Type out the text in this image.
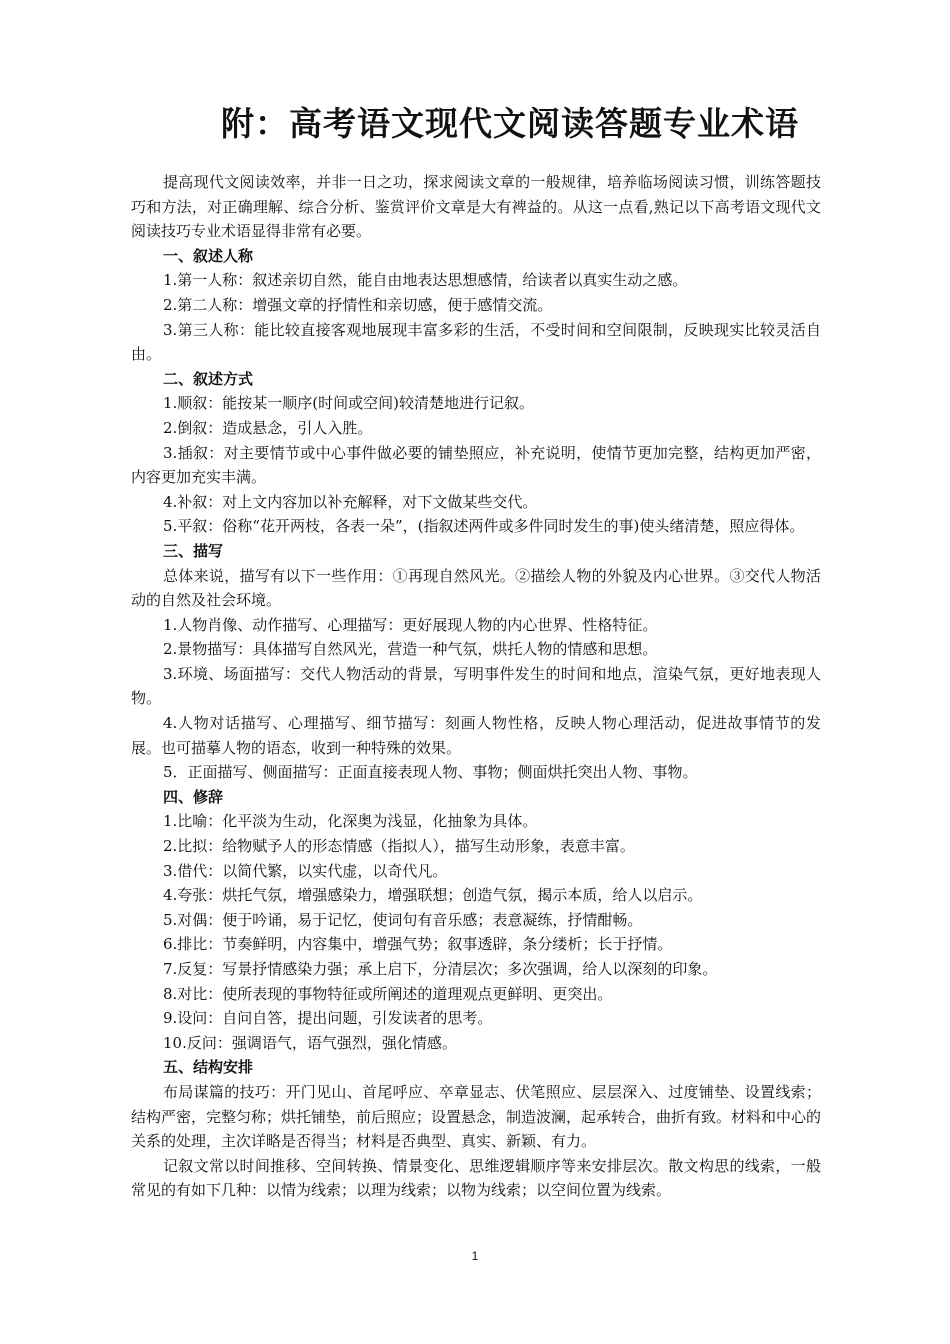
附：高考语文现代文阅读答题专业术语

提高现代文阅读效率，并非一日之功，探求阅读文章的一般规律，培养临场阅读习惯，训练答题技巧和方法，对正确理解、综合分析、鉴赏评价文章是大有裨益的。从这一点看,熟记以下高考语文现代文阅读技巧专业术语显得非常有必要。

一、叙述人称

1.第一人称：叙述亲切自然，能自由地表达思想感情，给读者以真实生动之感。

2.第二人称：增强文章的抒情性和亲切感，便于感情交流。

3.第三人称：能比较直接客观地展现丰富多彩的生活，不受时间和空间限制，反映现实比较灵活自由。

二、叙述方式

1.顺叙：能按某一顺序(时间或空间)较清楚地进行记叙。

2.倒叙：造成悬念，引人入胜。

3.插叙：对主要情节或中心事件做必要的铺垫照应，补充说明，使情节更加完整，结构更加严密，内容更加充实丰满。

4.补叙：对上文内容加以补充解释，对下文做某些交代。

5.平叙：俗称“花开两枝，各表一朵”，(指叙述两件或多件同时发生的事)使头绪清楚，照应得体。

三、描写

总体来说，描写有以下一些作用：①再现自然风光。②描绘人物的外貌及内心世界。③交代人物活动的自然及社会环境。

1.人物肖像、动作描写、心理描写：更好展现人物的内心世界、性格特征。

2.景物描写：具体描写自然风光，营造一种气氛，烘托人物的情感和思想。

3.环境、场面描写：交代人物活动的背景，写明事件发生的时间和地点，渲染气氛，更好地表现人物。

4.人物对话描写、心理描写、细节描写：刻画人物性格，反映人物心理活动，促进故事情节的发展。也可描摹人物的语态，收到一种特殊的效果。

5．正面描写、侧面描写：正面直接表现人物、事物；侧面烘托突出人物、事物。

四、修辞

1.比喻：化平淡为生动，化深奥为浅显，化抽象为具体。

2.比拟：给物赋予人的形态情感（指拟人），描写生动形象，表意丰富。

3.借代：以简代繁，以实代虚，以奇代凡。

4.夸张：烘托气氛，增强感染力，增强联想；创造气氛，揭示本质，给人以启示。

5.对偶：便于吟诵，易于记忆，使词句有音乐感；表意凝练，抒情酣畅。

6.排比：节奏鲜明，内容集中，增强气势；叙事透辟，条分缕析；长于抒情。

7.反复：写景抒情感染力强；承上启下，分清层次；多次强调，给人以深刻的印象。

8.对比：使所表现的事物特征或所阐述的道理观点更鲜明、更突出。

9.设问：自问自答，提出问题，引发读者的思考。

10.反问：强调语气，语气强烈，强化情感。

五、结构安排

布局谋篇的技巧：开门见山、首尾呼应、卒章显志、伏笔照应、层层深入、过度铺垫、设置线索；结构严密，完整匀称；烘托铺垫，前后照应；设置悬念，制造波澜，起承转合，曲折有致。材料和中心的关系的处理，主次详略是否得当；材料是否典型、真实、新颖、有力。

记叙文常以时间推移、空间转换、情景变化、思维逻辑顺序等来安排层次。散文构思的线索，一般常见的有如下几种：以情为线索；以理为线索；以物为线索；以空间位置为线索。

1
